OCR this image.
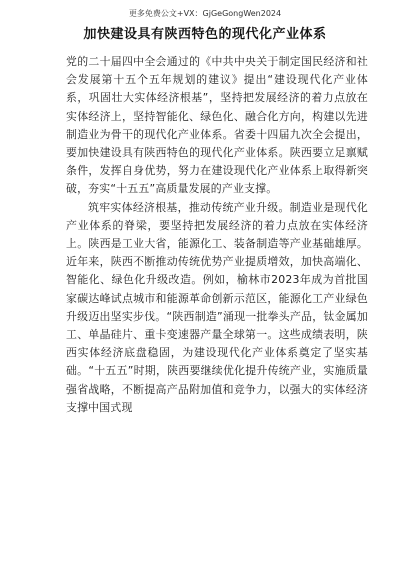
更多免费公文+VX：GjGeGongWen2024
加快建设具有陕西特色的现代化产业体系

党的二十届四中全会通过的《中共中央关于制定国民经济和社会发展第十五个五年规划的建议》提出“建设现代化产业体系，巩固壮大实体经济根基”，坚持把发展经济的着力点放在实体经济上，坚持智能化、绿色化、融合化方向，构建以先进制造业为骨干的现代化产业体系。省委十四届九次全会提出，要加快建设具有陕西特色的现代化产业体系。陕西要立足禀赋条件，发挥自身优势，努力在建设现代化产业体系上取得新突破，夯实“十五五”高质量发展的产业支撑。

筑牢实体经济根基，推动传统产业升级。制造业是现代化产业体系的脊梁，要坚持把发展经济的着力点放在实体经济上。陕西是工业大省，能源化工、装备制造等产业基础雄厚。近年来，陕西不断推动传统优势产业提质增效，加快高端化、智能化、绿色化升级改造。例如，榆林市2023年成为首批国家碳达峰试点城市和能源革命创新示范区，能源化工产业绿色升级迈出坚实步伐。“陕西制造”涌现一批拳头产品，钛金属加工、单晶硅片、重卡变速器产量全球第一。这些成绩表明，陕西实体经济底盘稳固，为建设现代化产业体系奠定了坚实基础。“十五五”时期，陕西要继续优化提升传统产业，实施质量强省战略，不断提高产品附加值和竞争力，以强大的实体经济支撑中国式现
